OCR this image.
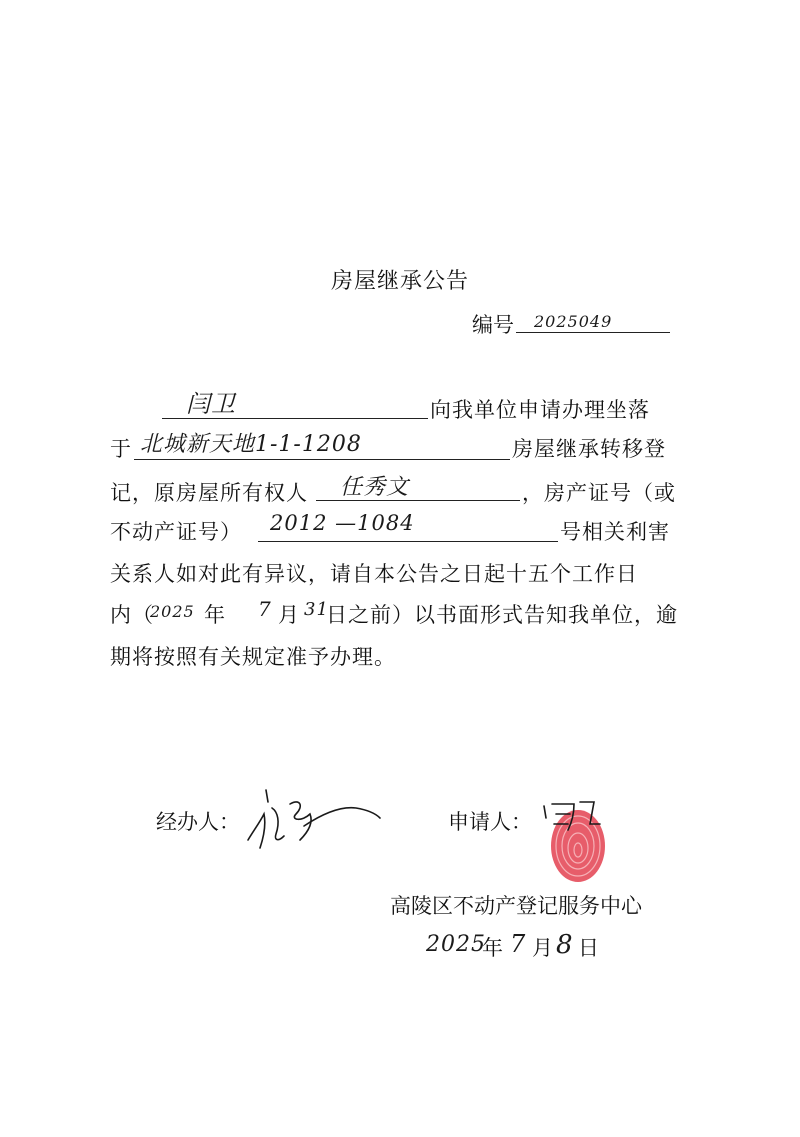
房屋继承公告
编号 2025049
闫卫	向我单位申请办理坐落
于 北城新天地1-1-1208	房屋继承转移登
记，原房屋所有权人 任秀文	，房产证号（或
不动产证号） 2012 —1084	号相关利害
关系人如对此有异议，请自本公告之日起十五个工作日
内（
2025 年 7 月 31
日之前）以书面形式告知我单位，逾
期将按照有关规定准予办理。
经办人：	申请人：
高陵区不动产登记服务中心
2025
年 7 月 8 日
